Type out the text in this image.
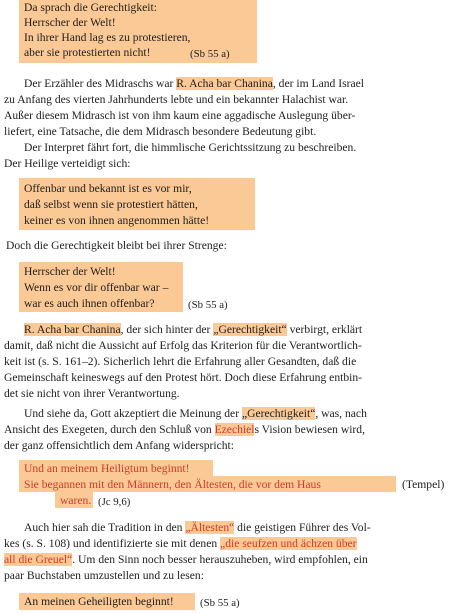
Da sprach die Gerechtigkeit:
Herrscher der Welt!
In ihrer Hand lag es zu protestieren,
aber sie protestierten nicht!	(Sb 55 a)
Der Erzähler des Midraschs war R. Acha bar Chanina, der im Land Israel
zu Anfang des vierten Jahrhunderts lebte und ein bekannter Halachist war.
Außer diesem Midrasch ist von ihm kaum eine aggadische Auslegung über-
liefert, eine Tatsache, die dem Midrasch besondere Bedeutung gibt.
Der Interpret fährt fort, die himmlische Gerichtssitzung zu beschreiben.
Der Heilige verteidigt sich:
Offenbar und bekannt ist es vor mir,
daß selbst wenn sie protestiert hätten,
keiner es von ihnen angenommen hätte!
Doch die Gerechtigkeit bleibt bei ihrer Strenge:
Herrscher der Welt!
Wenn es vor dir offenbar war –
war es auch ihnen offenbar?	(Sb 55 a)
R. Acha bar Chanina, der sich hinter der „Gerechtigkeit“ verbirgt, erklärt
damit, daß nicht die Aussicht auf Erfolg das Kriterion für die Verantwortlich-
keit ist (s. S. 161–2). Sicherlich lehrt die Erfahrung aller Gesandten, daß die
Gemeinschaft keineswegs auf den Protest hört. Doch diese Erfahrung entbin-
det sie nicht von ihrer Verantwortung.
Und siehe da, Gott akzeptiert die Meinung der „Gerechtigkeit“, was, nach
Ansicht des Exegeten, durch den Schluß von Ezechiels Vision bewiesen wird,
der ganz offensichtlich dem Anfang widerspricht:
Und an meinem Heiligtum beginnt!
Sie begannen mit den Männern, den Ältesten, die vor dem Haus	(Tempel)
waren. (Jc 9,6)
Auch hier sah die Tradition in den „Ältesten“ die geistigen Führer des Vol-
kes (s. S. 108) und identifizierte sie mit denen „die seufzen und ächzen über
all die Greuel“. Um den Sinn noch besser herauszuheben, wird empfohlen, ein
paar Buchstaben umzustellen und zu lesen:
An meinen Geheiligten beginnt! (Sb 55 a)
